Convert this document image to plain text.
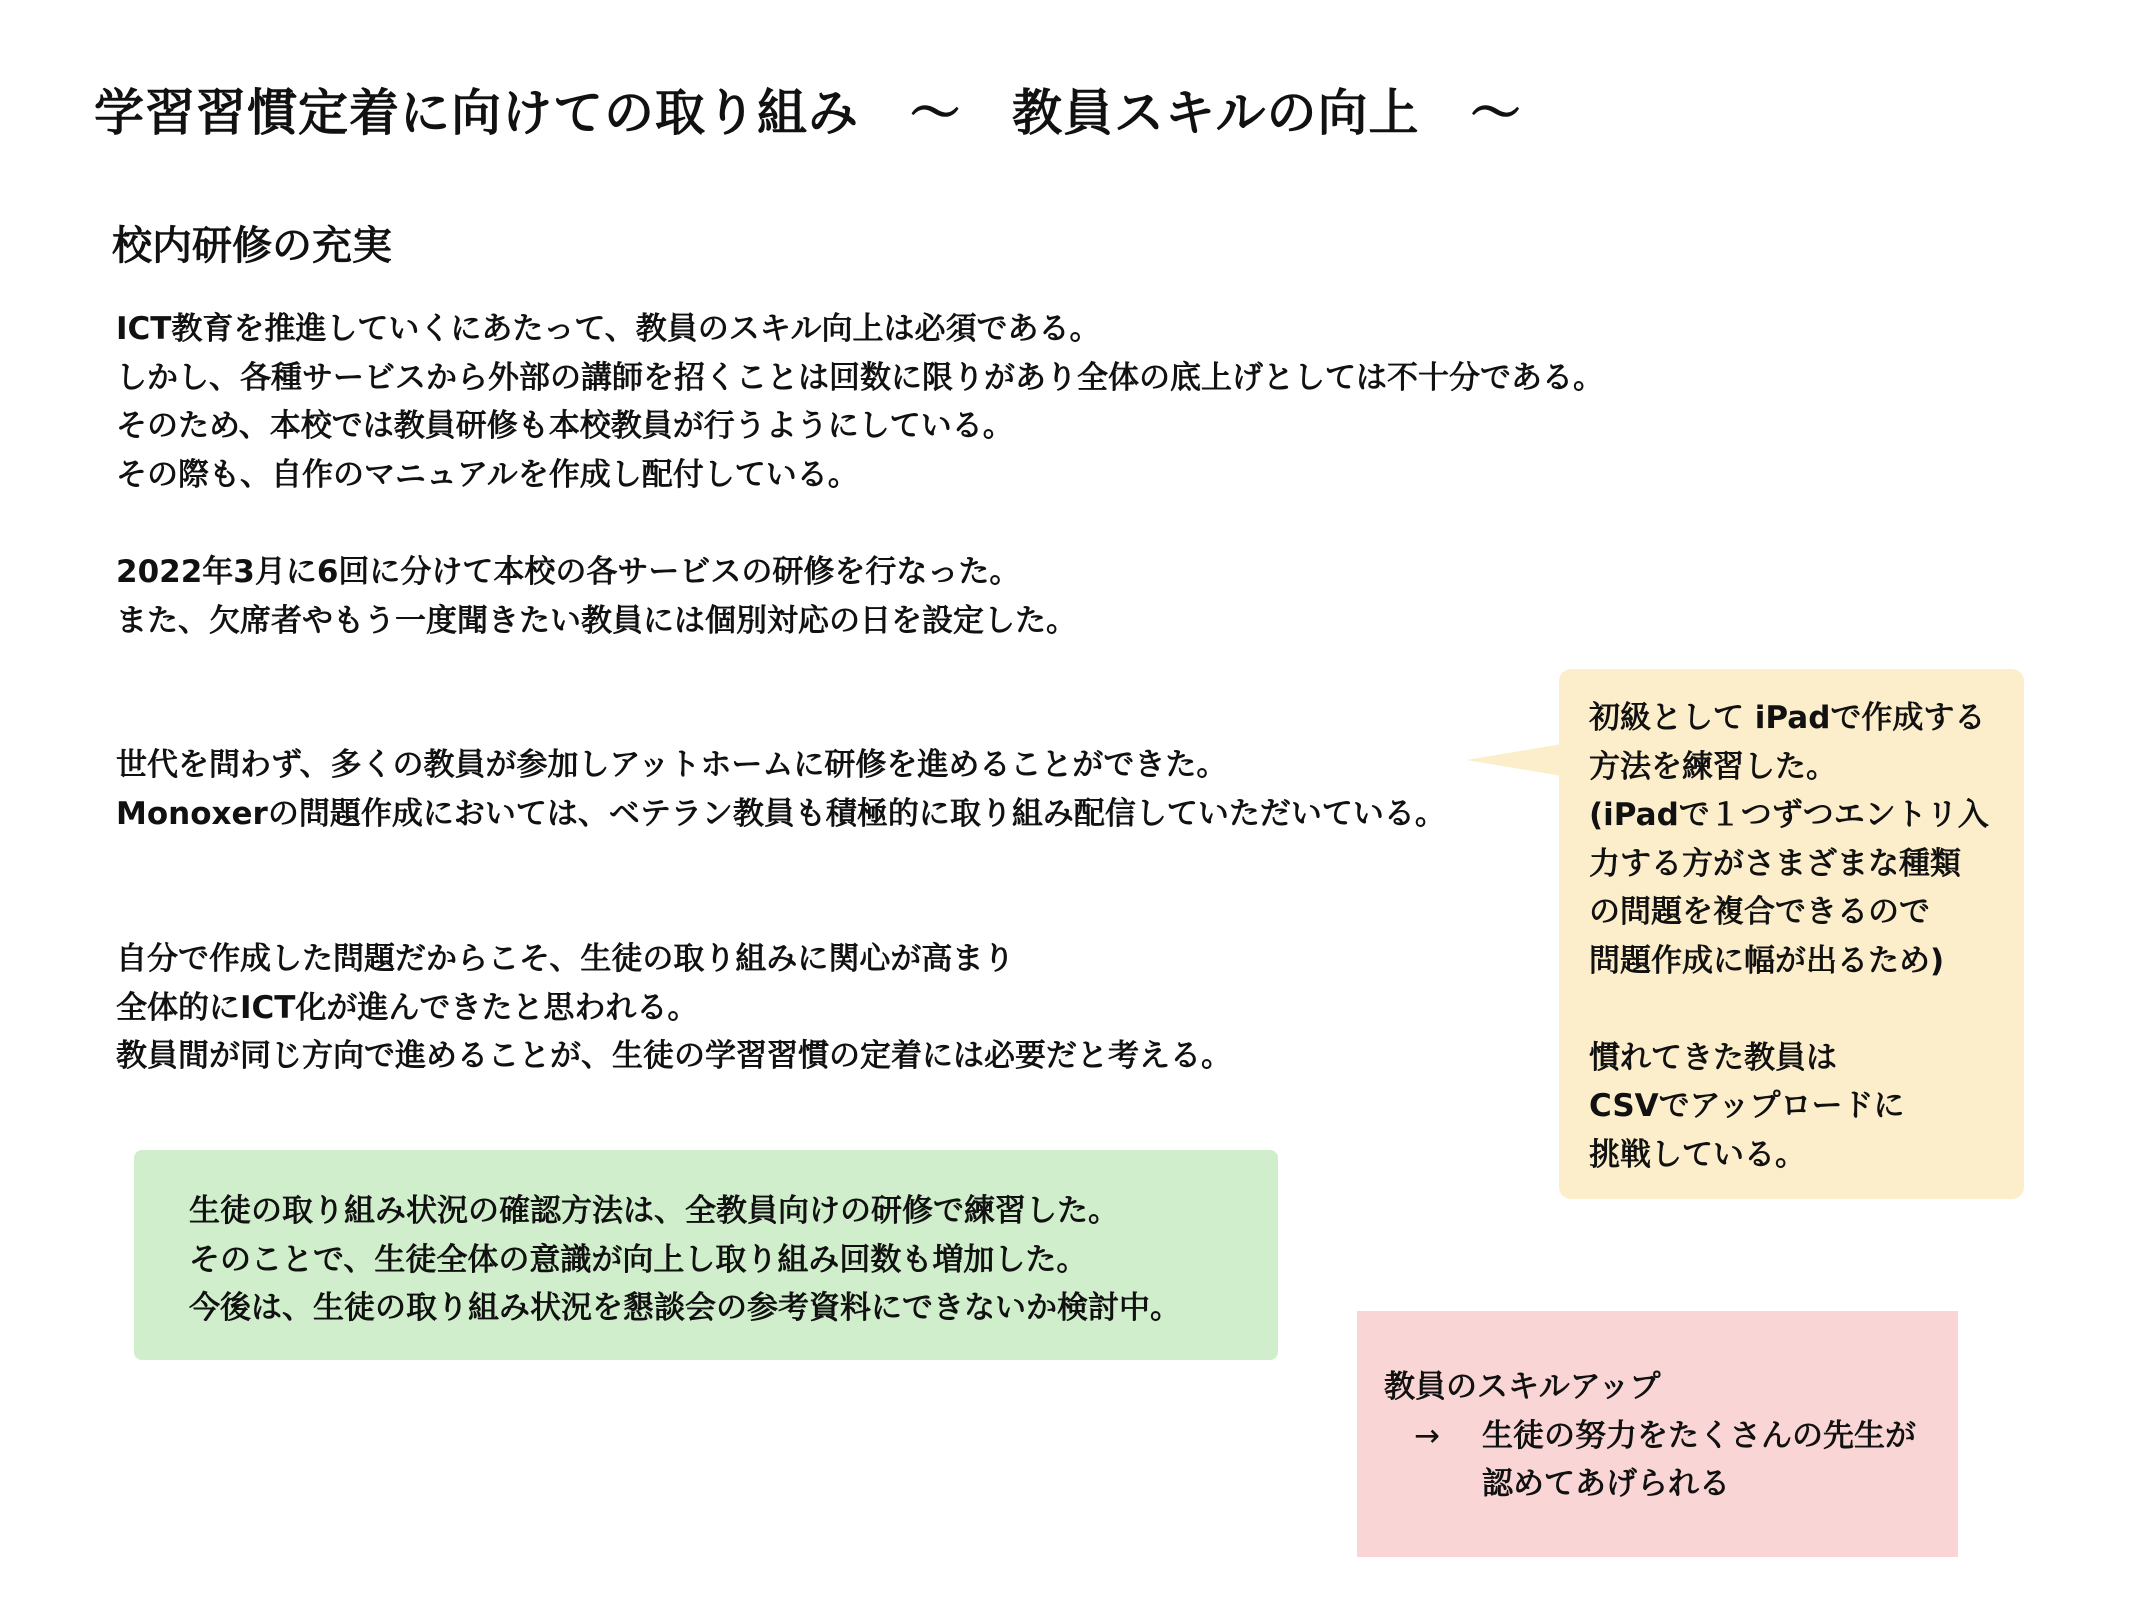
学習習慣定着に向けての取り組み　～　教員スキルの向上　～
校内研修の充実
ICT教育を推進していくにあたって、教員のスキル向上は必須である。
しかし、各種サービスから外部の講師を招くことは回数に限りがあり全体の底上げとしては不十分である。
そのため、本校では教員研修も本校教員が行うようにしている。
その際も、自作のマニュアルを作成し配付している。
2022年3月に6回に分けて本校の各サービスの研修を行なった。
また、欠席者やもう一度聞きたい教員には個別対応の日を設定した。
世代を問わず、多くの教員が参加しアットホームに研修を進めることができた。
Monoxerの問題作成においては、ベテラン教員も積極的に取り組み配信していただいている。
自分で作成した問題だからこそ、生徒の取り組みに関心が高まり
全体的にICT化が進んできたと思われる。
教員間が同じ方向で進めることが、生徒の学習習慣の定着には必要だと考える。
生徒の取り組み状況の確認方法は、全教員向けの研修で練習した。
そのことで、生徒全体の意識が向上し取り組み回数も増加した。
今後は、生徒の取り組み状況を懇談会の参考資料にできないか検討中。
初級として iPadで作成する
方法を練習した。
(iPadで１つずつエントリ入
力する方がさまざまな種類
の問題を複合できるので
問題作成に幅が出るため)
慣れてきた教員は
CSVでアップロードに
挑戦している。
教員のスキルアップ
→	生徒の努力をたくさんの先生が
認めてあげられる
